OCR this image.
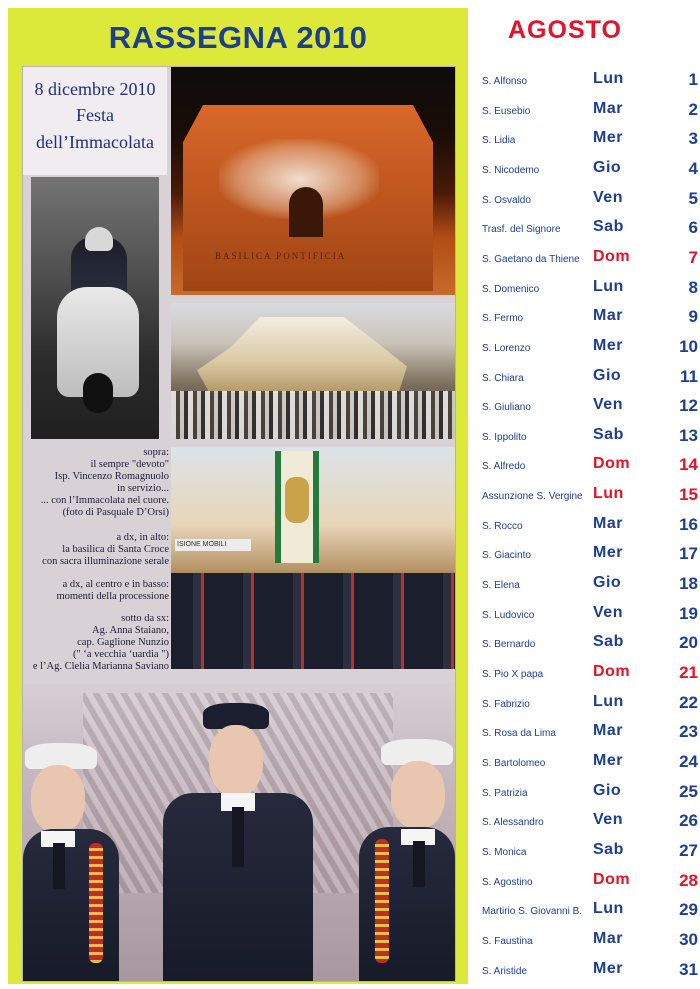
RASSEGNA 2010
8 dicembre 2010
Festa
dell’Immacolata
BASILICA PONTIFICIA
ISIONE MOBILI
sopra:
il sempre "devoto"
Isp. Vincenzo Romagnuolo
in servizio...
... con l’Immacolata nel cuore.
(foto di Pasquale D’Orsi)
a dx, in alto:
la basilica di Santa Croce
con sacra illuminazione serale
a dx, al centro e in basso:
momenti della processione
sotto da sx:
Ag. Anna Staiano,
cap. Gaglione Nunzio
(" ‘a vecchia ‘uardia ")
e l’Ag. Clelia Marianna Saviano
AGOSTO
S. Alfonso	Lun	1
S. Eusebio	Mar	2
S. Lidia	Mer	3
S. Nicodemo	Gio	4
S. Osvaldo	Ven	5
Trasf. del Signore Sab	6
S. Gaetano da Thiene Dom	7
S. Domenico	Lun	8
S. Fermo	Mar	9
S. Lorenzo	Mer	10
S. Chiara	Gio	11
S. Giuliano	Ven	12
S. Ippolito	Sab	13
S. Alfredo	Dom	14
Assunzione S. Vergine Lun	15
S. Rocco	Mar	16
S. Giacinto	Mer	17
S. Elena	Gio	18
S. Ludovico	Ven	19
S. Bernardo	Sab	20
S. Pio X papa	Dom	21
S. Fabrizio	Lun	22
S. Rosa da Lima Mar	23
S. Bartolomeo	Mer	24
S. Patrizia	Gio	25
S. Alessandro	Ven	26
S. Monica	Sab	27
S. Agostino	Dom	28
Martirio S. Giovanni B. Lun	29
S. Faustina	Mar	30
S. Aristide	Mer	31
